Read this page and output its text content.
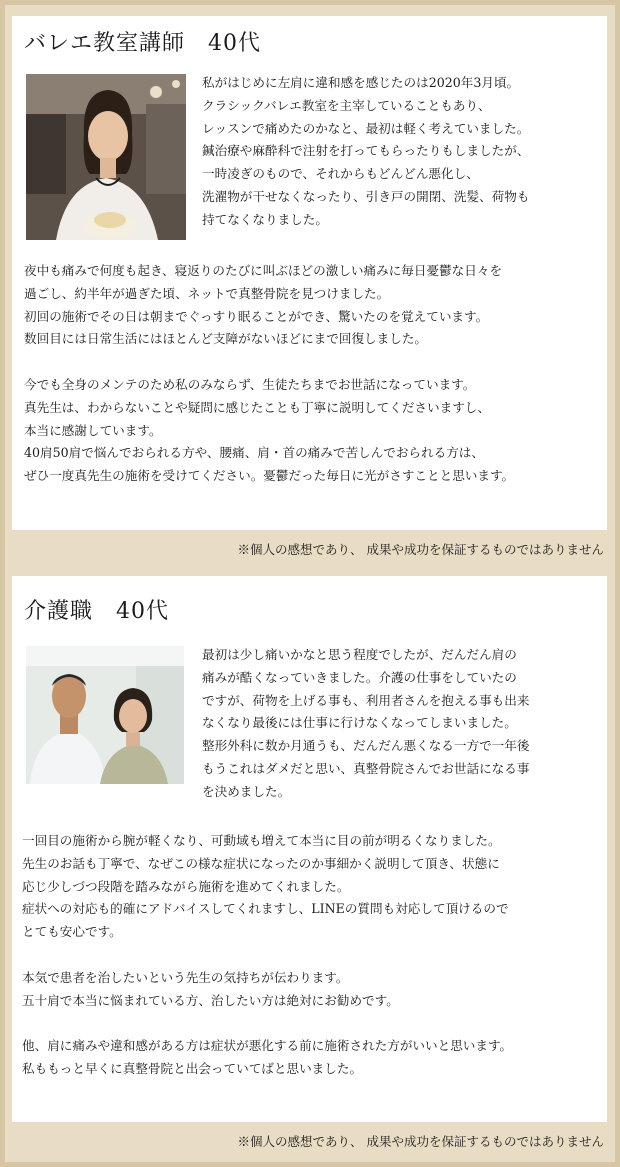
バレエ教室講師　40代
私がはじめに左肩に違和感を感じたのは2020年3月頃。
クラシックバレエ教室を主宰していることもあり、
レッスンで痛めたのかなと、最初は軽く考えていました。
鍼治療や麻酔科で注射を打ってもらったりもしましたが、
一時凌ぎのもので、それからもどんどん悪化し、
洗濯物が干せなくなったり、引き戸の開閉、洗髪、荷物も
持てなくなりました。
夜中も痛みで何度も起き、寝返りのたびに叫ぶほどの激しい痛みに毎日憂鬱な日々を
過ごし、約半年が過ぎた頃、ネットで真整骨院を見つけました。
初回の施術でその日は朝までぐっすり眠ることができ、驚いたのを覚えています。
数回目には日常生活にはほとんど支障がないほどにまで回復しました。
今でも全身のメンテのため私のみならず、生徒たちまでお世話になっています。
真先生は、わからないことや疑問に感じたことも丁寧に説明してくださいますし、
本当に感謝しています。
40肩50肩で悩んでおられる方や、腰痛、肩・首の痛みで苦しんでおられる方は、
ぜひ一度真先生の施術を受けてください。憂鬱だった毎日に光がさすことと思います。
※個人の感想であり、 成果や成功を保証するものではありません
介護職　40代
最初は少し痛いかなと思う程度でしたが、だんだん肩の
痛みが酷くなっていきました。介護の仕事をしていたの
ですが、荷物を上げる事も、利用者さんを抱える事も出来
なくなり最後には仕事に行けなくなってしまいました。
整形外科に数か月通うも、だんだん悪くなる一方で一年後
もうこれはダメだと思い、真整骨院さんでお世話になる事
を決めました。
一回目の施術から腕が軽くなり、可動域も増えて本当に目の前が明るくなりました。
先生のお話も丁寧で、なぜこの様な症状になったのか事細かく説明して頂き、状態に
応じ少しづつ段階を踏みながら施術を進めてくれました。
症状への対応も的確にアドバイスしてくれますし、LINEの質問も対応して頂けるので
とても安心です。
本気で患者を治したいという先生の気持ちが伝わります。
五十肩で本当に悩まれている方、治したい方は絶対にお勧めです。
他、肩に痛みや違和感がある方は症状が悪化する前に施術された方がいいと思います。
私ももっと早くに真整骨院と出会っていてばと思いました。
※個人の感想であり、 成果や成功を保証するものではありません
